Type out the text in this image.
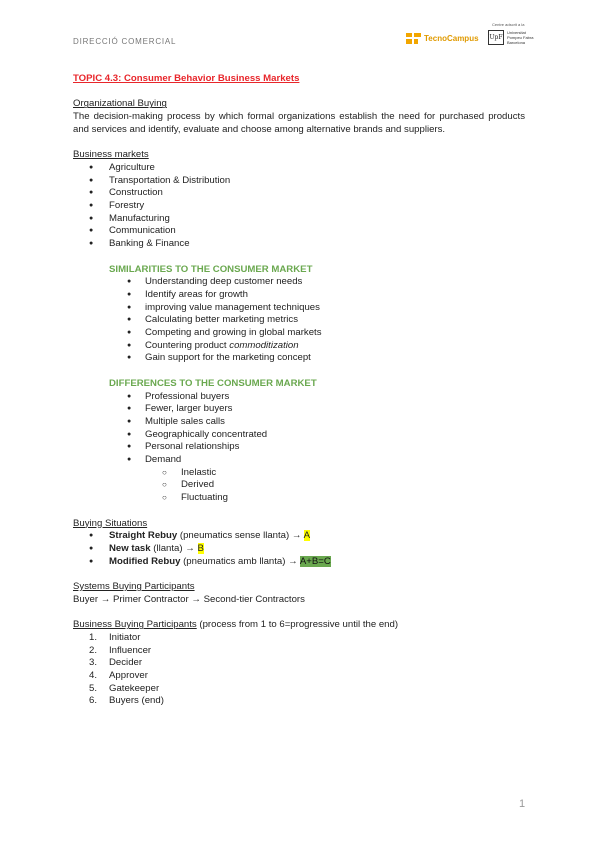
DIRECCIÓ COMERCIAL	TecnoCampus
Centre adscrit a la
UpF
Universitat
Pompeu Fabra
Barcelona
TOPIC 4.3: Consumer Behavior Business Markets
Organizational Buying

The decision-making process by which formal organizations establish the need for purchased products and services and identify, evaluate and choose among alternative brands and suppliers.

Business markets
● Agriculture
● Transportation & Distribution
● Construction
● Forestry
● Manufacturing
● Communication
● Banking & Finance
SIMILARITIES TO THE CONSUMER MARKET
● Understanding deep customer needs
● Identify areas for growth
● improving value management techniques
● Calculating better marketing metrics
● Competing and growing in global markets
● Countering product commoditization
● Gain support for the marketing concept
DIFFERENCES TO THE CONSUMER MARKET
● Professional buyers
● Fewer, larger buyers
● Multiple sales calls
● Geographically concentrated
● Personal relationships
● Demand
○ Inelastic
○ Derived
○ Fluctuating
Buying Situations
● Straight Rebuy (pneumatics sense llanta) → A
● New task (llanta) → B
● Modified Rebuy (pneumatics amb llanta) → A+B=C
Systems Buying Participants
Buyer → Primer Contractor → Second-tier Contractors
Business Buying Participants (process from 1 to 6=progressive until the end)
1. Initiator
2. Influencer
3. Decider
4. Approver
5. Gatekeeper
6. Buyers (end)
1
